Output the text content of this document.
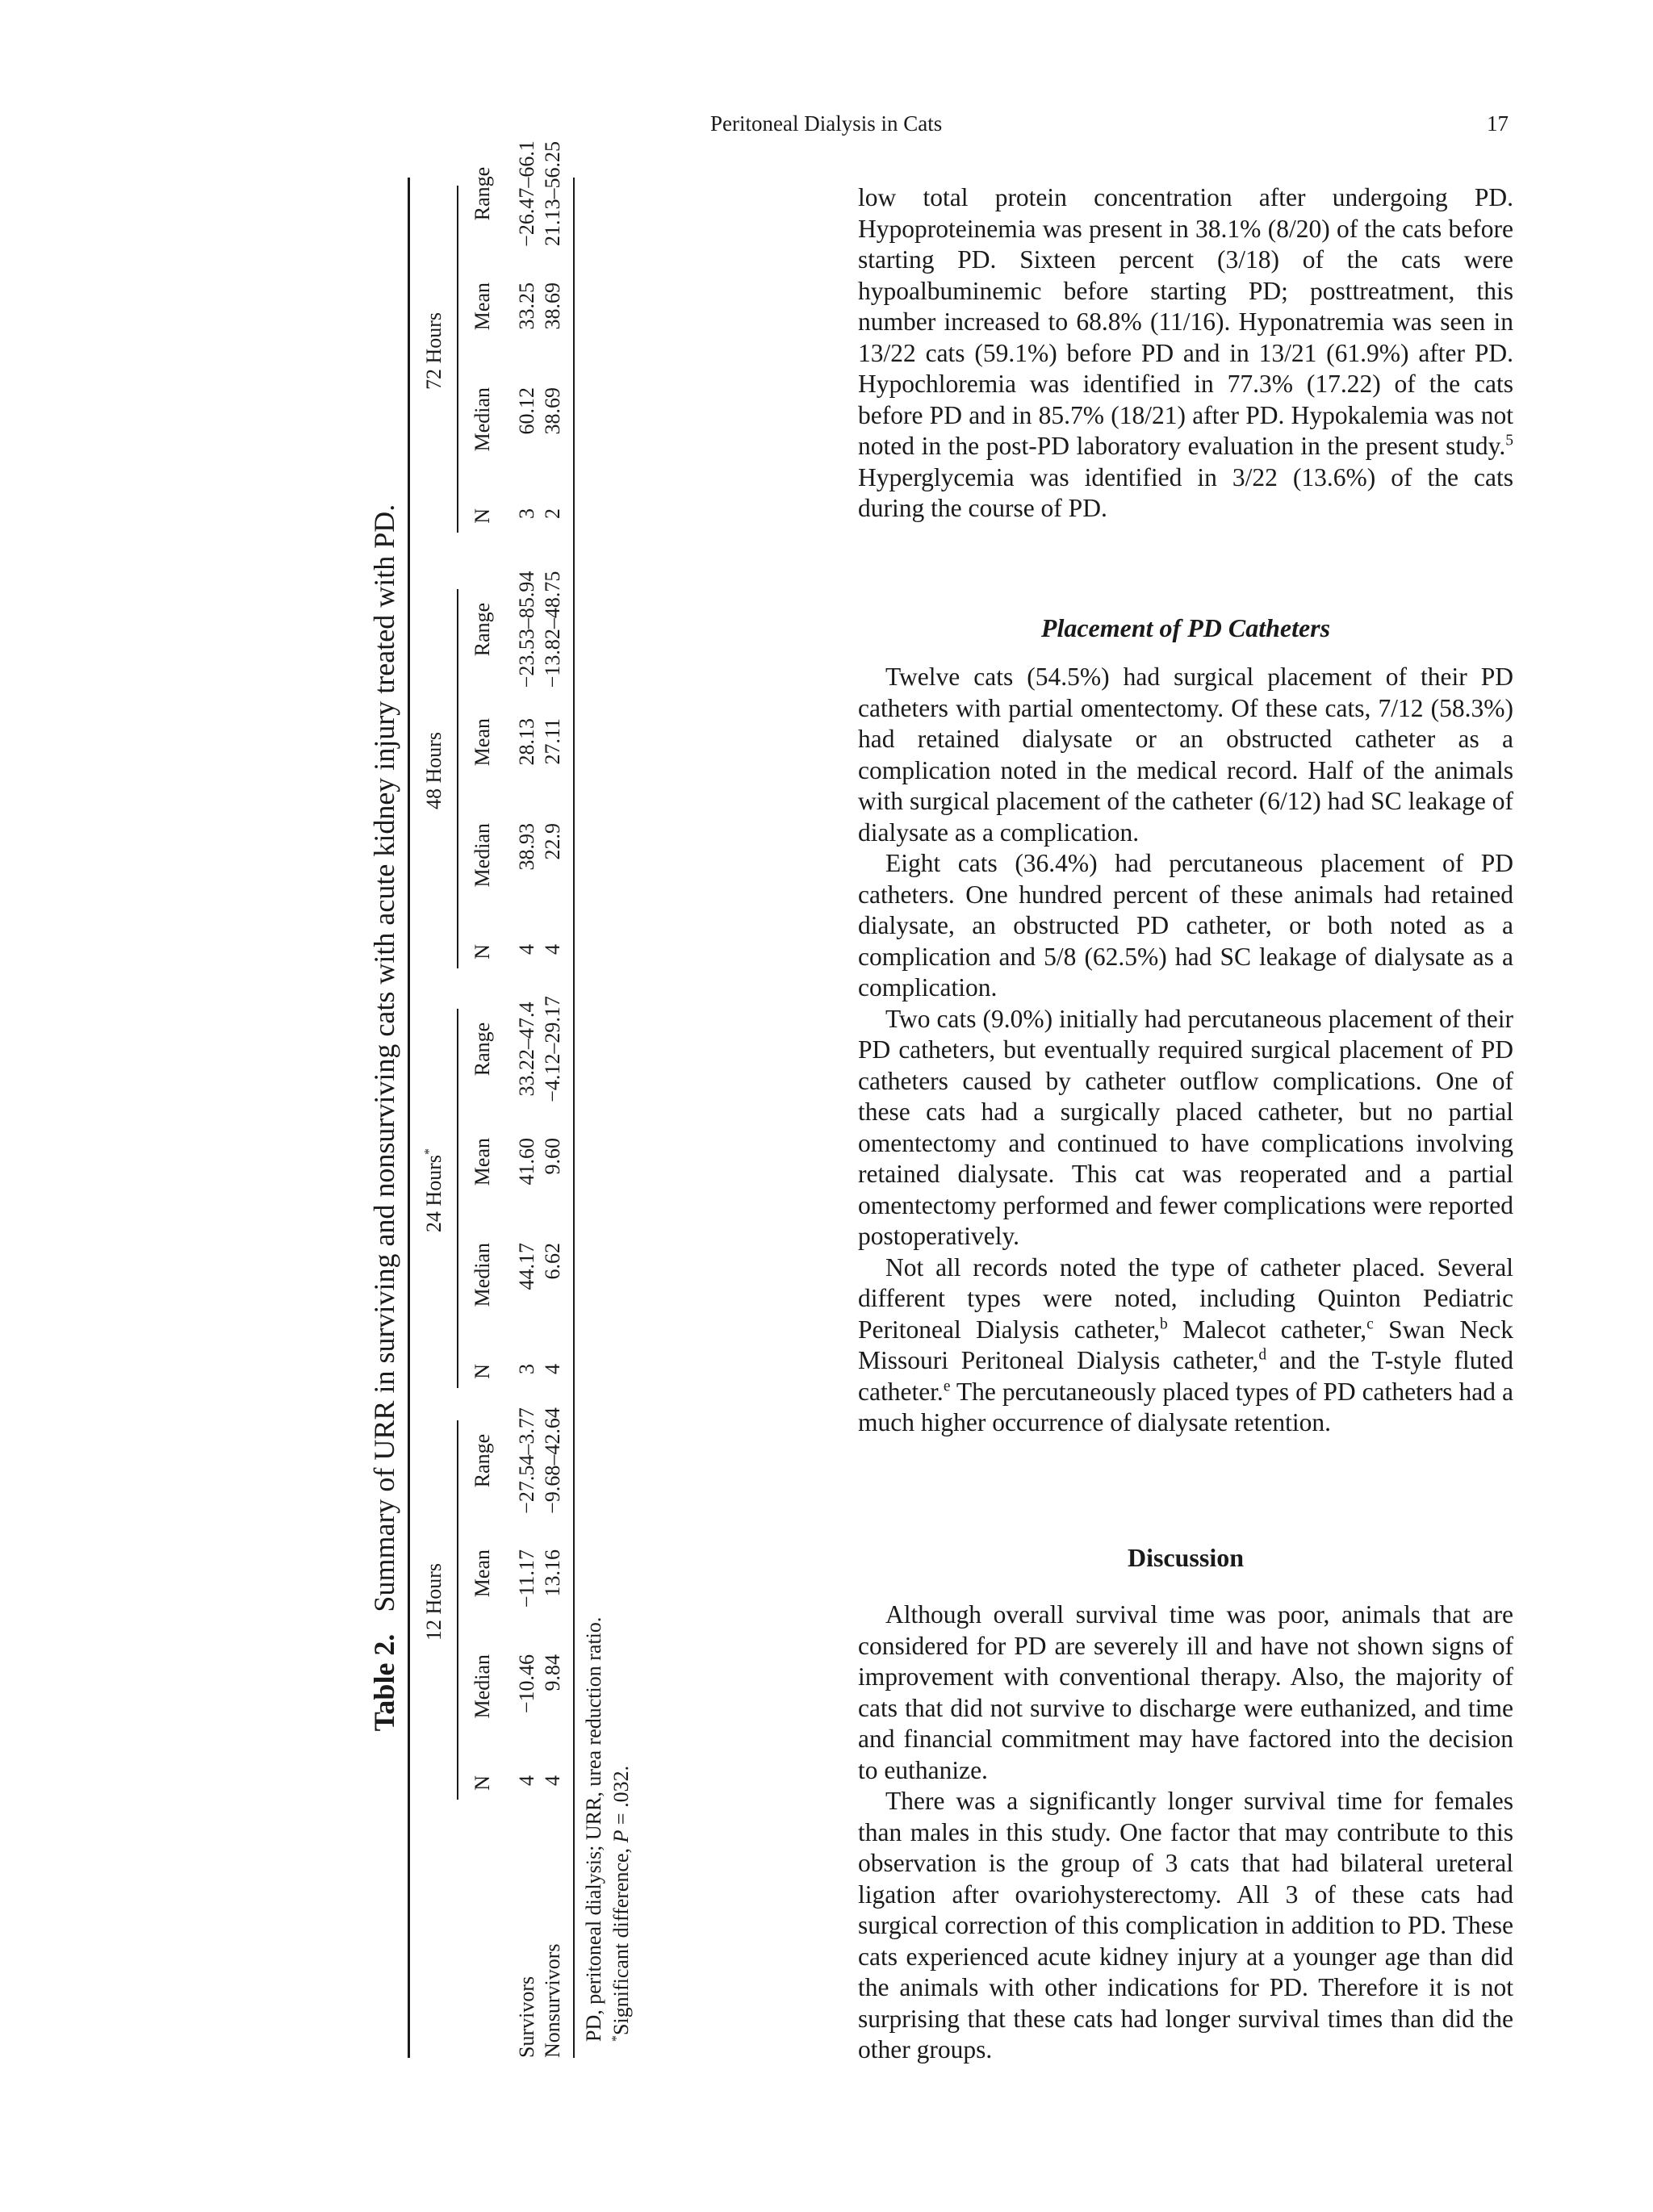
Peritoneal Dialysis in Cats	17
Table 2.   Summary of URR in surviving and nonsurviving cats with acute kidney injury treated with PD. 12 Hours
N
Median
Mean
Range
24 Hours*
N
Median
Mean
Range
48 Hours
N
Median
Mean
Range
72 Hours
N
Median
Mean
Range
Survivors
4
−10.46
−11.17
−27.54–3.77
3
44.17
41.60
33.22–47.4
4
38.93
28.13
−23.53–85.94
3
60.12
33.25
−26.47–66.1
Nonsurvivors
4
9.84
13.16
−9.68–42.64
4
6.62
9.60
−4.12–29.17
4
22.9
27.11
−13.82–48.75
2
38.69
38.69
21.13–56.25
PD, peritoneal dialysis; URR, urea reduction ratio. *Significant difference, P = .032.

low total protein concentration after undergoing PD. Hypoproteinemia was present in 38.1% (8/20) of the cats before starting PD. Sixteen percent (3/18) of the cats were hypoalbuminemic before starting PD; posttreatment, this number increased to 68.8% (11/16). Hyponatremia was seen in 13/22 cats (59.1%) before PD and in 13/21 (61.9%) after PD. Hypochloremia was identified in 77.3% (17.22) of the cats before PD and in 85.7% (18/21) after PD. Hypokalemia was not noted in the post-PD laboratory evaluation in the present study.$^5$ Hyperglycemia was identified in 3/22 (13.6%) of the cats during the course of PD.

Placement of PD Catheters

Twelve cats (54.5%) had surgical placement of their PD catheters with partial omentectomy. Of these cats, 7/12 (58.3%) had retained dialysate or an obstructed catheter as a complication noted in the medical record. Half of the animals with surgical placement of the catheter (6/12) had SC leakage of dialysate as a complication.

Eight cats (36.4%) had percutaneous placement of PD catheters. One hundred percent of these animals had retained dialysate, an obstructed PD catheter, or both noted as a complication and 5/8 (62.5%) had SC leakage of dialysate as a complication.

Two cats (9.0%) initially had percutaneous placement of their PD catheters, but eventually required surgical placement of PD catheters caused by catheter outflow complications. One of these cats had a surgically placed catheter, but no partial omentectomy and continued to have complications involving retained dialysate. This cat was reoperated and a partial omentectomy performed and fewer complications were reported postoperatively.

Not all records noted the type of catheter placed. Several different types were noted, including Quinton Pediatric Peritoneal Dialysis catheter,$^b$ Malecot catheter,$^c$ Swan Neck Missouri Peritoneal Dialysis catheter,$^d$ and the T-style fluted catheter.$^e$ The percutaneously placed types of PD catheters had a much higher occurrence of dialysate retention.

Discussion

Although overall survival time was poor, animals that are considered for PD are severely ill and have not shown signs of improvement with conventional therapy. Also, the majority of cats that did not survive to discharge were euthanized, and time and financial commitment may have factored into the decision to euthanize.

There was a significantly longer survival time for females than males in this study. One factor that may contribute to this observation is the group of 3 cats that had bilateral ureteral ligation after ovariohysterectomy. All 3 of these cats had surgical correction of this complication in addition to PD. These cats experienced acute kidney injury at a younger age than did the animals with other indications for PD. Therefore it is not surprising that these cats had longer survival times than did the other groups.
